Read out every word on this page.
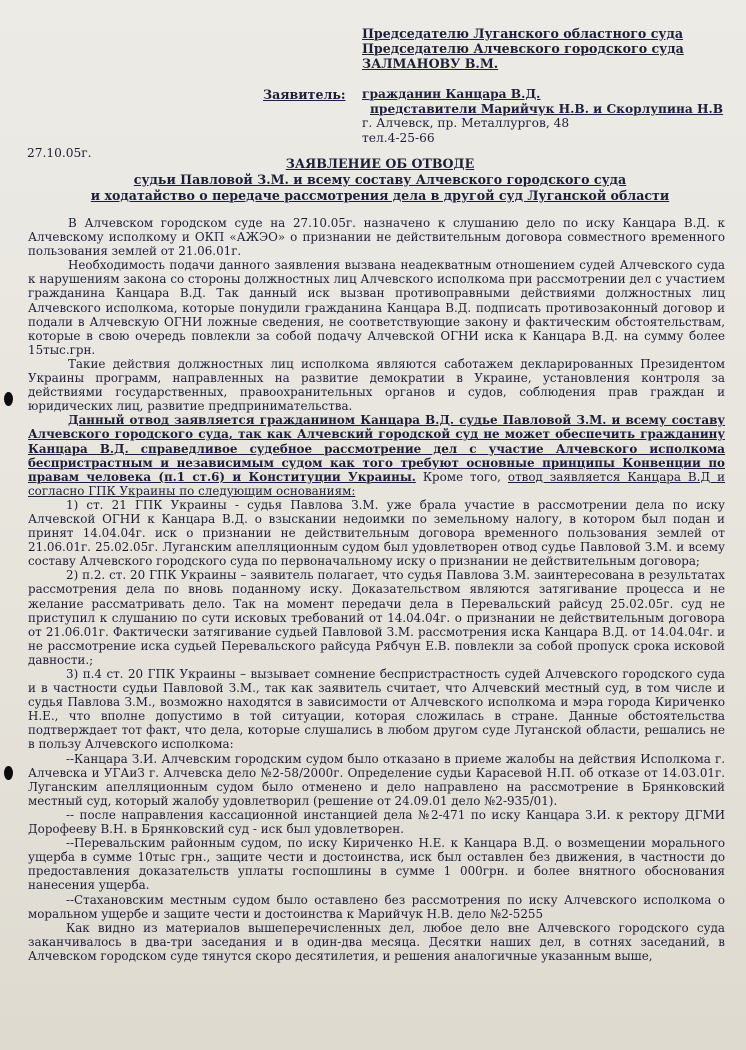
Председателю Луганского областного суда
Председателю Алчевского городского суда
ЗАЛМАНОВУ В.М.
Заявитель: гражданин Канцара В.Д.
представители Марийчук Н.В. и Скорлупина Н.В
г. Алчевск, пр. Металлургов, 48
тел.4-25-66
27.10.05г.
ЗАЯВЛЕНИЕ ОБ ОТВОДЕ
судьи Павловой З.М. и всему составу Алчевского городского суда
и ходатайство о передаче рассмотрения дела в другой суд Луганской области

В Алчевском городском суде на 27.10.05г. назначено к слушанию дело по иску Канцара В.Д. к Алчевскому исполкому и ОКП «АЖЭО» о признании не действительным договора совместного временного пользования землей от 21.06.01г.

Необходимость подачи данного заявления вызвана неадекватным отношением судей Алчевского суда к нарушениям закона со стороны должностных лиц Алчевского исполкома при рассмотрении дел с участием гражданина Канцара В.Д. Так данный иск вызван противоправными действиями должностных лиц Алчевского исполкома, которые понудили гражданина Канцара В.Д. подписать противозаконный договор и подали в Алчевскую ОГНИ ложные сведения, не соответствующие закону и фактическим обстоятельствам, которые в свою очередь повлекли за собой подачу Алчевской ОГНИ иска к Канцара В.Д. на сумму более 15тыс.грн.

Такие действия должностных лиц исполкома являются саботажем декларированных Президентом Украины программ, направленных на развитие демократии в Украине, установления контроля за действиями государственных, правоохранительных органов и судов, соблюдения прав граждан и юридических лиц, развитие предпринимательства.

Данный отвод заявляется гражданином Канцара В.Д. судье Павловой З.М. и всему составу Алчевского городского суда, так как Алчевский городской суд не может обеспечить гражданину Канцара В.Д. справедливое судебное рассмотрение дел с участие Алчевского исполкома беспристрастным и независимым судом как того требуют основные принципы Конвенции по правам человека (п.1 ст.6) и Конституции Украины. Кроме того, отвод заявляется Канцара В.Д и согласно ГПК Украины по следующим основаниям:

1) ст. 21 ГПК Украины - судья Павлова З.М. уже брала участие в рассмотрении дела по иску Алчевской ОГНИ к Канцара В.Д. о взыскании недоимки по земельному налогу, в котором был подан и принят 14.04.04г. иск о признании не действительным договора временного пользования землей от 21.06.01г. 25.02.05г. Луганским апелляционным судом был удовлетворен отвод судье Павловой З.М. и всему составу Алчевского городского суда по первоначальному иску о признании не действительным договора;

2) п.2. ст. 20 ГПК Украины – заявитель полагает, что судья Павлова З.М. заинтересована в результатах рассмотрения дела по вновь поданному иску. Доказательством являются затягивание процесса и не желание рассматривать дело. Так на момент передачи дела в Перевальский райсуд 25.02.05г. суд не приступил к слушанию по сути исковых требований от 14.04.04г. о признании не действительным договора от 21.06.01г. Фактически затягивание судьей Павловой З.М. рассмотрения иска Канцара В.Д. от 14.04.04г. и не рассмотрение иска судьей Перевальского райсуда Рябчун Е.В. повлекли за собой пропуск срока исковой давности.;

3) п.4 ст. 20 ГПК Украины – вызывает сомнение беспристрастность судей Алчевского городского суда и в частности судьи Павловой З.М., так как заявитель считает, что Алчевский местный суд, в том числе и судья Павлова З.М., возможно находятся в зависимости от Алчевского исполкома и мэра города Кириченко Н.Е., что вполне допустимо в той ситуации, которая сложилась в стране. Данные обстоятельства подтверждает тот факт, что дела, которые слушались в любом другом суде Луганской области, решались не в пользу Алчевского исполкома:

--Канцара З.И. Алчевским городским судом было отказано в приеме жалобы на действия Исполкома г. Алчевска и УГАиЗ г. Алчевска дело №2-58/2000г. Определение судьи Карасевой Н.П. об отказе от 14.03.01г. Луганским апелляционным судом было отменено и дело направлено на рассмотрение в Брянковский местный суд, который жалобу удовлетворил (решение от 24.09.01 дело №2-935/01).

-- после направления кассационной инстанцией дела №2-471 по иску Канцара З.И. к ректору ДГМИ Дорофееву В.Н. в Брянковский суд - иск был удовлетворен.

--Перевальским районным судом, по иску Кириченко Н.Е. к Канцара В.Д. о возмещении морального ущерба в сумме 10тыс грн., защите чести и достоинства, иск был оставлен без движения, в частности до предоставления доказательств уплаты госпошлины в сумме 1 000грн. и более внятного обоснования нанесения ущерба.

--Стахановским местным судом было оставлено без рассмотрения по иску Алчевского исполкома о моральном ущербе и защите чести и достоинства к Марийчук Н.В. дело №2-5255

Как видно из материалов вышеперечисленных дел, любое дело вне Алчевского городского суда заканчивалось в два-три заседания и в один-два месяца. Десятки наших дел, в сотнях заседаний, в Алчевском городском суде тянутся скоро десятилетия, и решения аналогичные указанным выше,
